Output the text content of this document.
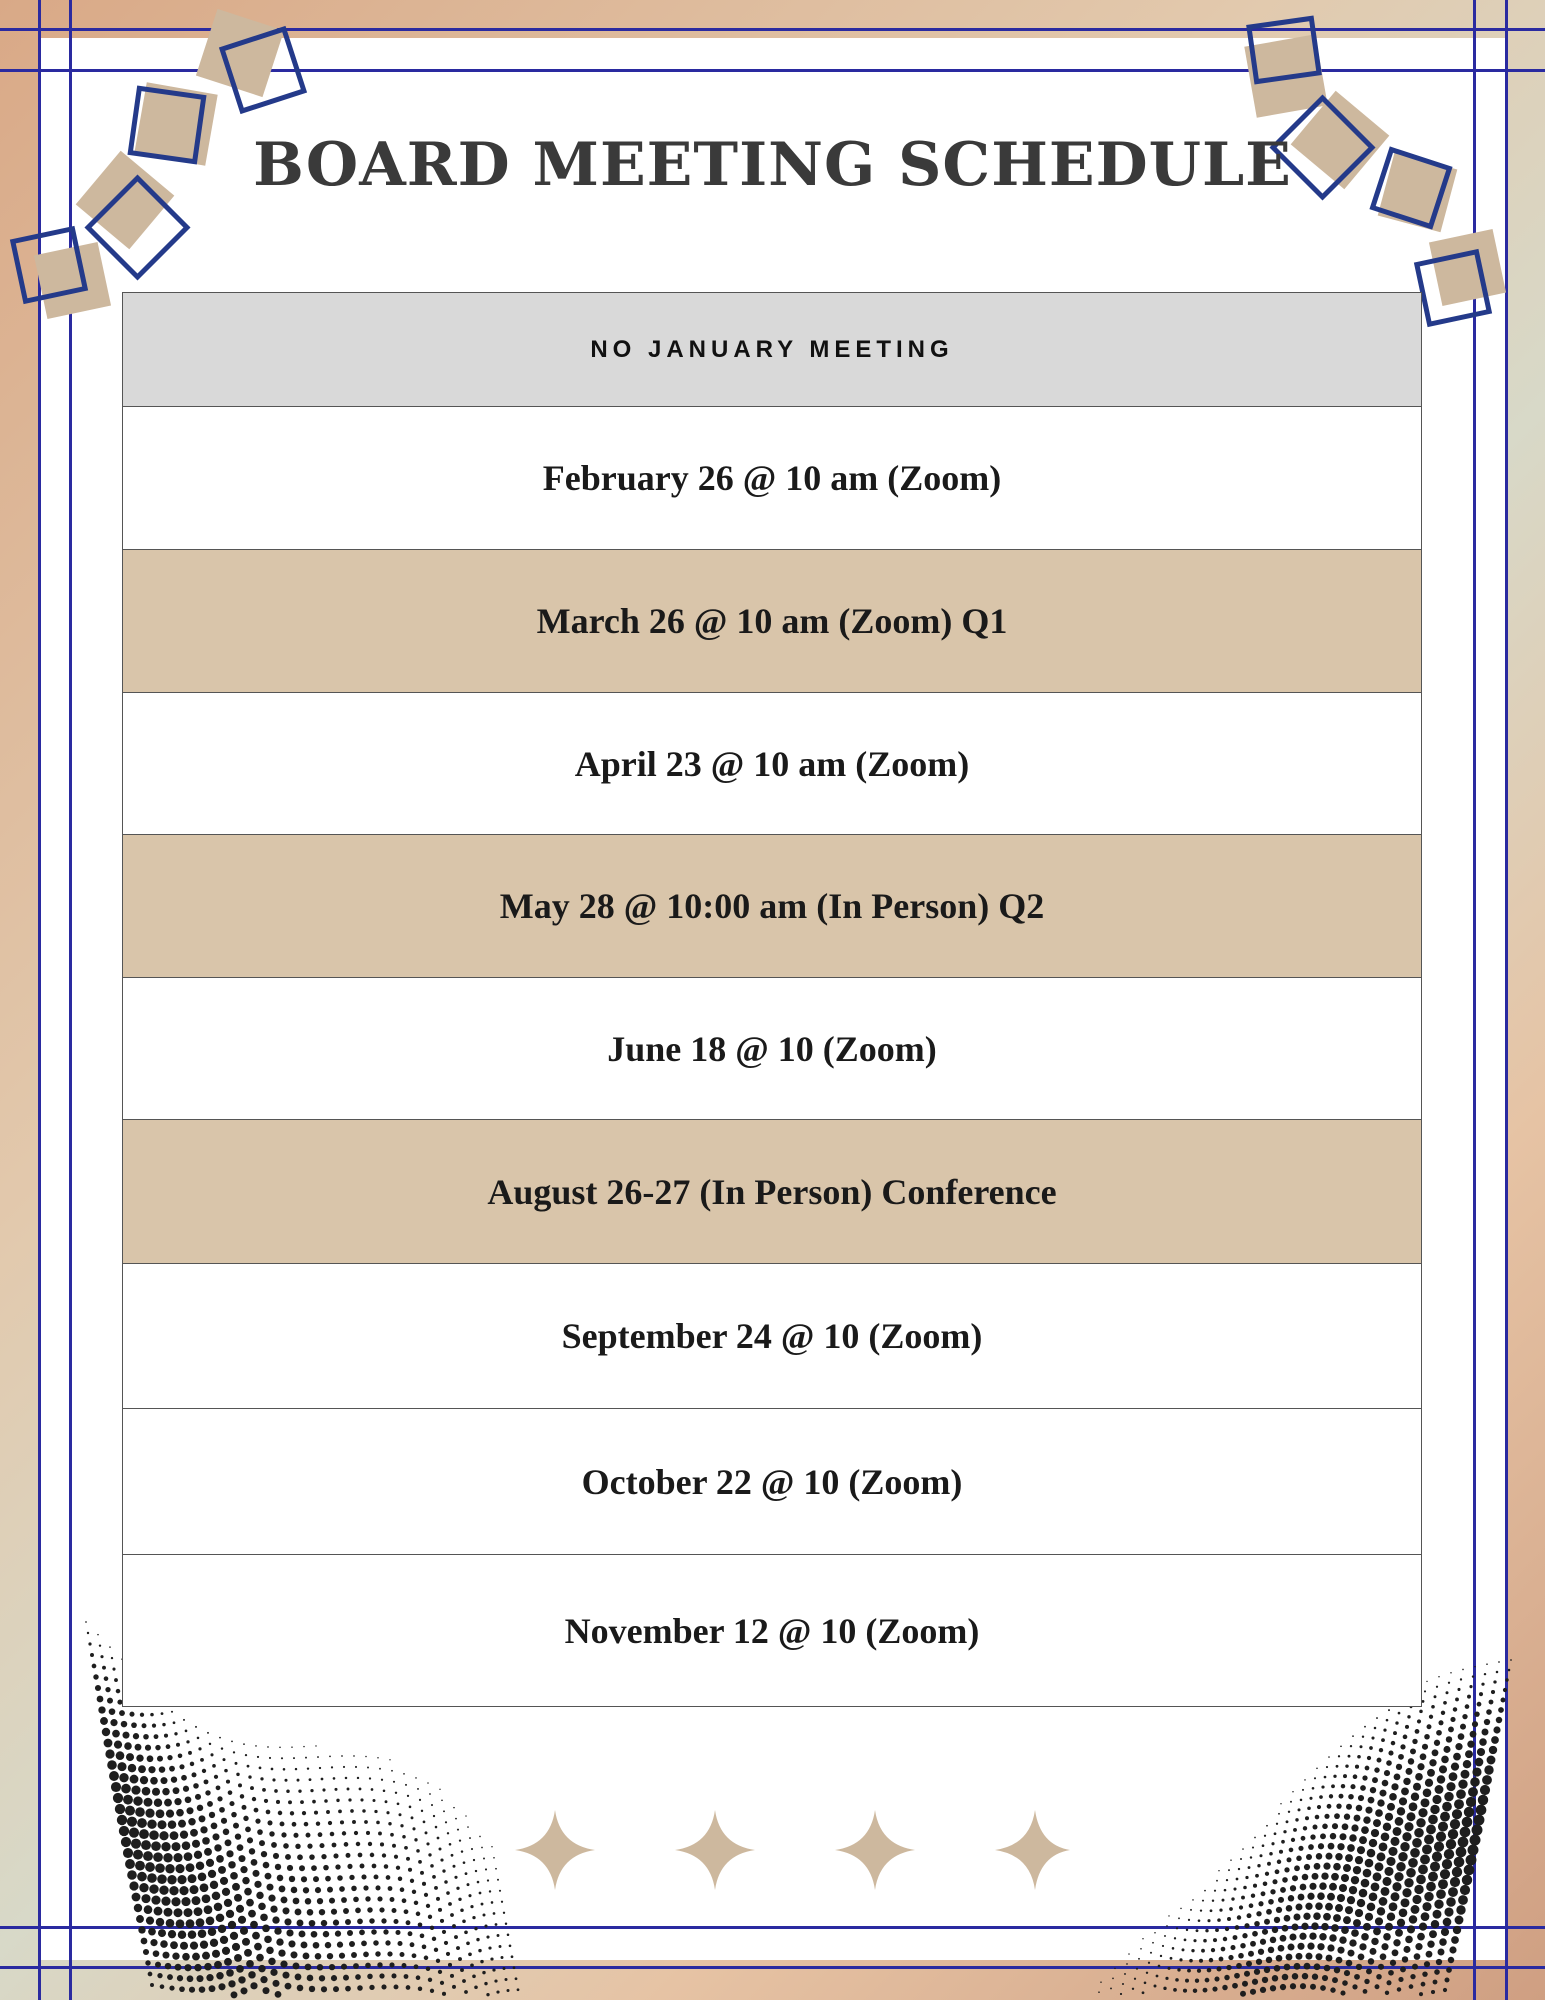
BOARD MEETING SCHEDULE
NO JANUARY MEETING
February 26 @ 10 am (Zoom)
March 26 @ 10 am (Zoom) Q1
April 23 @ 10 am (Zoom)
May 28 @ 10:00 am (In Person) Q2
June 18 @ 10 (Zoom)
August 26-27 (In Person) Conference
September 24 @ 10 (Zoom)
October 22 @ 10 (Zoom)
November 12 @ 10 (Zoom)
